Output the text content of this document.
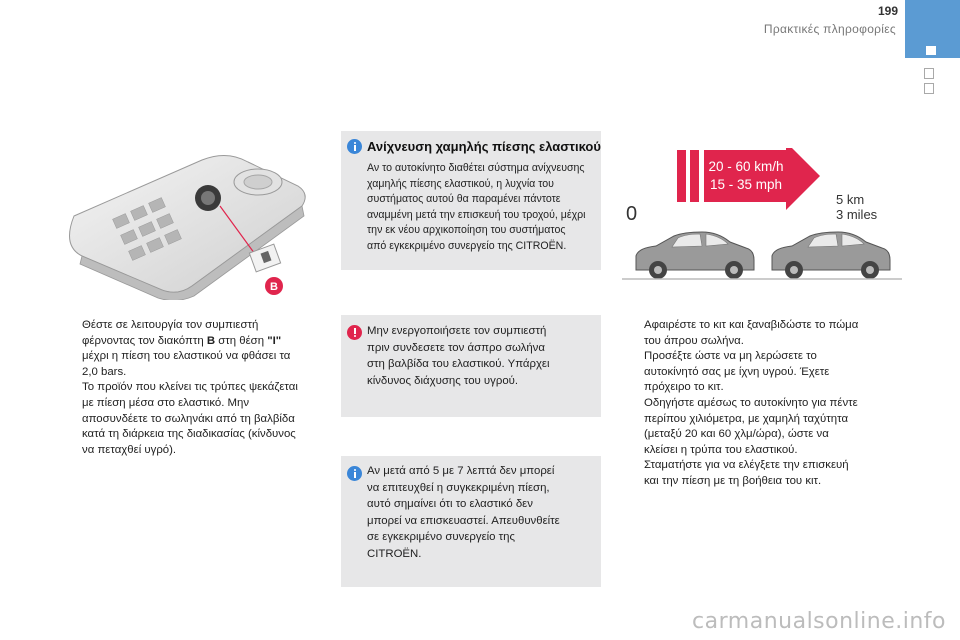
199
Πρακτικές πληροφορίες
B
Θέστε σε λειτουργία τον συμπιεστή
φέρνοντας τον διακόπτη B στη θέση "I"
μέχρι η πίεση του ελαστικού να φθάσει τα
2,0 bars.
Το προϊόν που κλείνει τις τρύπες ψεκάζεται
με πίεση μέσα στο ελαστικό. Μην
αποσυνδέετε το σωληνάκι από τη βαλβίδα
κατά τη διάρκεια της διαδικασίας (κίνδυνος
να πεταχθεί υγρό).
Ανίχνευση χαμηλής πίεσης ελαστικού
Αν το αυτοκίνητο διαθέτει σύστημα ανίχνευσης
χαμηλής πίεσης ελαστικού, η λυχνία του
συστήματος αυτού θα παραμένει πάντοτε
αναμμένη μετά την επισκευή του τροχού, μέχρι
την εκ νέου αρχικοποίηση του συστήματος
από εγκεκριμένο συνεργείο της CITROËN.
Μην ενεργοποιήσετε τον συμπιεστή
πριν συνδεσετε τον άσπρο σωλήνα
στη βαλβίδα του ελαστικού. Υπάρχει
κίνδυνος διάχυσης του υγρού.
Αν μετά από 5 με 7 λεπτά δεν μπορεί
να επιτευχθεί η συγκεκριμένη πίεση,
αυτό σημαίνει ότι το ελαστικό δεν
μπορεί να επισκευαστεί. Απευθυνθείτε
σε εγκεκριμένο συνεργείο της
CITROËN.
20 - 60 km/h
15 - 35 mph
5 km
3 miles
0
Αφαιρέστε το κιτ και ξαναβιδώστε το πώμα
του άπρου σωλήνα.
Προσέξτε ώστε να μη λερώσετε το
αυτοκίνητό σας με ίχνη υγρού. Έχετε
πρόχειρο το κιτ.
Οδηγήστε αμέσως το αυτοκίνητο για πέντε
περίπου χιλιόμετρα, με χαμηλή ταχύτητα
(μεταξύ 20 και 60 χλμ/ώρα), ώστε να
κλείσει η τρύπα του ελαστικού.
Σταματήστε για να ελέγξετε την επισκευή
και την πίεση με τη βοήθεια του κιτ.
carmanualsonline.info
